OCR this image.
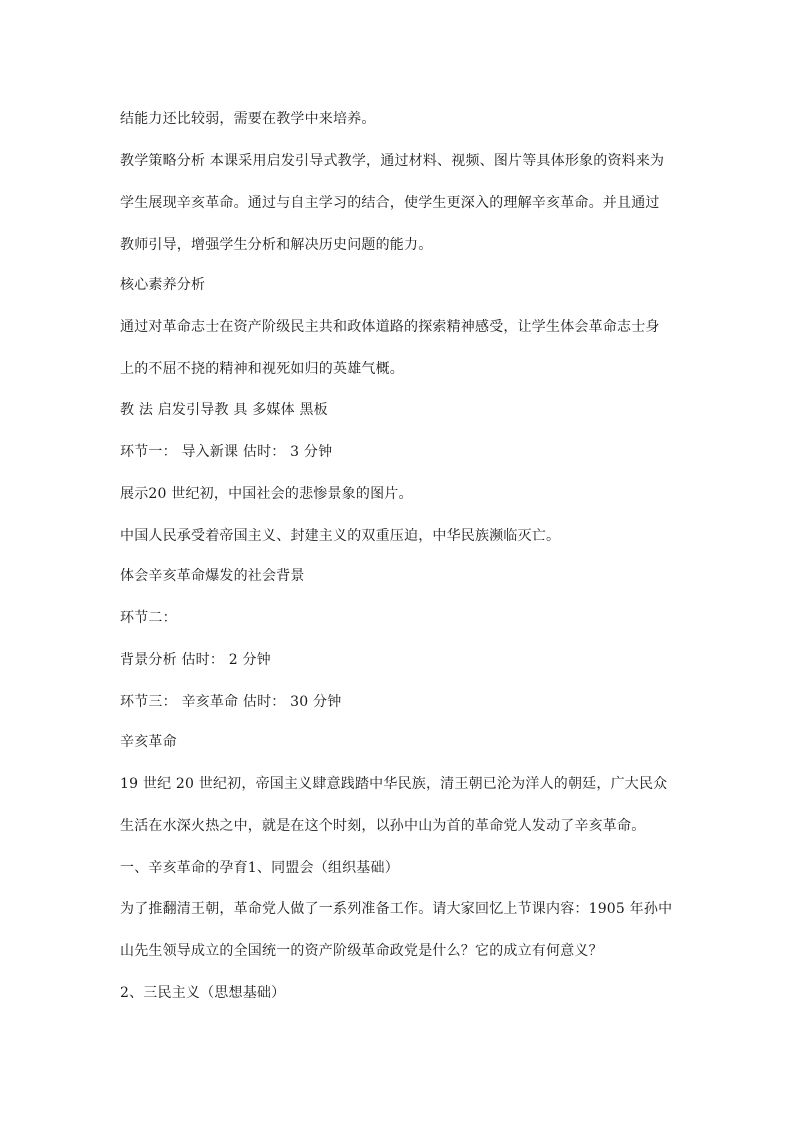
结能力还比较弱，需要在教学中来培养。
教学策略分析 本课采用启发引导式教学，通过材料、视频、图片等具体形象的资料来为
学生展现辛亥革命。通过与自主学习的结合，使学生更深入的理解辛亥革命。并且通过
教师引导，增强学生分析和解决历史问题的能力。
核心素养分析
通过对革命志士在资产阶级民主共和政体道路的探索精神感受，让学生体会革命志士身
上的不屈不挠的精神和视死如归的英雄气概。
教 法 启发引导教 具 多媒体 黑板
环节一： 导入新课 估时： 3 分钟
展示20 世纪初，中国社会的悲惨景象的图片。
中国人民承受着帝国主义、封建主义的双重压迫，中华民族濒临灭亡。
体会辛亥革命爆发的社会背景
环节二：
背景分析 估时： 2 分钟
环节三： 辛亥革命 估时： 30 分钟
辛亥革命
19 世纪 20 世纪初，帝国主义肆意践踏中华民族，清王朝已沦为洋人的朝廷，广大民众
生活在水深火热之中，就是在这个时刻，以孙中山为首的革命党人发动了辛亥革命。
一、辛亥革命的孕育1、同盟会（组织基础）
为了推翻清王朝，革命党人做了一系列准备工作。请大家回忆上节课内容：1905 年孙中
山先生领导成立的全国统一的资产阶级革命政党是什么？它的成立有何意义？
2、三民主义（思想基础）
